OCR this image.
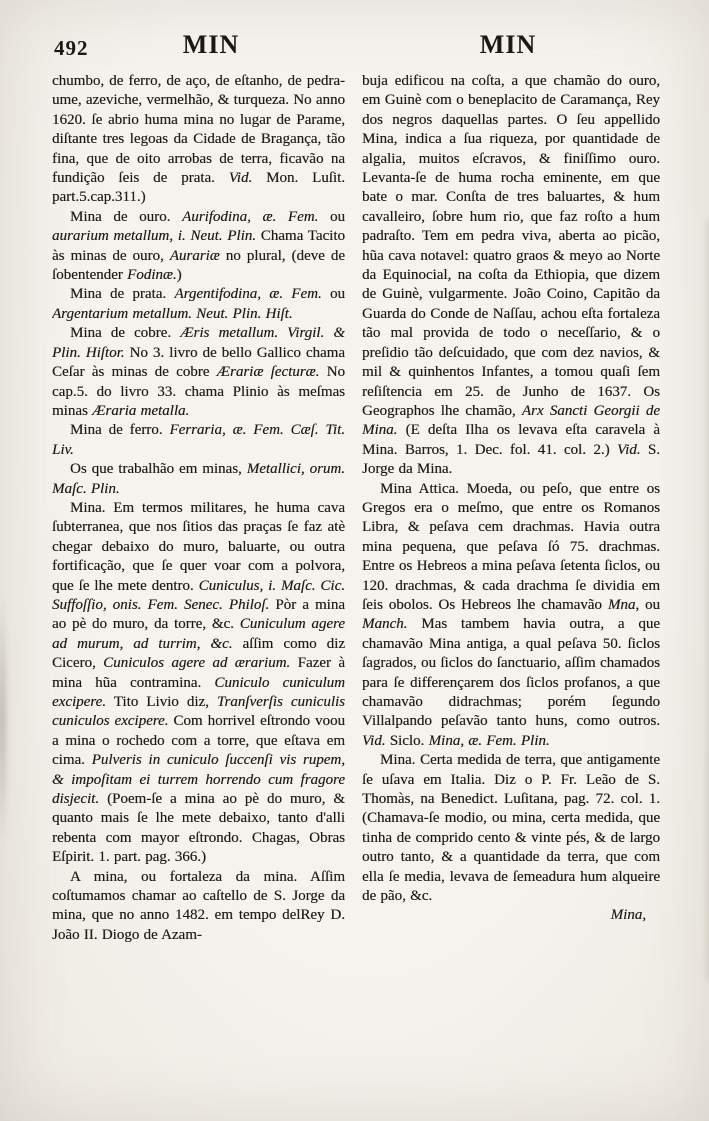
492	MIN	MIN

chumbo, de ferro, de aço, de eſtanho, de pedra-ume, azeviche, vermelhão, & turqueza. No anno 1620. ſe abrio huma mina no lugar de Parame, diſtante tres legoas da Cidade de Bragança, tão fina, que de oito arrobas de terra, ficavão na fundição ſeis de prata. Vid. Mon. Luſit. part.5.cap.311.)

Mina de ouro. Aurifodina, æ. Fem. ou aurarium metallum, i. Neut. Plin. Chama Tacito às minas de ouro, Aurariæ no plural, (deve de ſobentender Fodinæ.)

Mina de prata. Argentifodina, æ. Fem. ou Argentarium metallum. Neut. Plin. Hiſt.

Mina de cobre. Æris metallum. Virgil. & Plin. Hiſtor. No 3. livro de bello Gallico chama Ceſar às minas de cobre Ærariæ ſecturæ. No cap.5. do livro 33. chama Plinio às meſmas minas Æraria metalla.

Mina de ferro. Ferraria, æ. Fem. Cæſ. Tit. Liv.

Os que trabalhão em minas, Metallici, orum. Maſc. Plin.

Mina. Em termos militares, he huma cava ſubterranea, que nos ſitios das praças ſe faz atè chegar debaixo do muro, baluarte, ou outra fortificação, que ſe quer voar com a polvora, que ſe lhe mete dentro. Cuniculus, i. Maſc. Cic. Suffoſſio, onis. Fem. Senec. Philoſ. Pòr a mina ao pè do muro, da torre, &c. Cuniculum agere ad murum, ad turrim, &c. aſſim como diz Cicero, Cuniculos agere ad ærarium. Fazer à mina hũa contramina. Cuniculo cuniculum excipere. Tito Livio diz, Tranſverſis cuniculis cuniculos excipere. Com horrivel eſtrondo voou a mina o rochedo com a torre, que eſtava em cima. Pulveris in cuniculo ſuccenſi vis rupem, & impoſitam ei turrem horrendo cum fragore disjecit. (Poem-ſe a mina ao pè do muro, & quanto mais ſe lhe mete debaixo, tanto d'alli rebenta com mayor eſtrondo. Chagas, Obras Eſpirit. 1. part. pag. 366.)

A mina, ou fortaleza da mina. Aſſim coſtumamos chamar ao caſtello de S. Jorge da mina, que no anno 1482. em tempo delRey D. João II. Diogo de Azam-

buja edificou na coſta, a que chamão do ouro, em Guinè com o beneplacito de Caramança, Rey dos negros daquellas partes. O ſeu appellido Mina, indica a ſua riqueza, por quantidade de algalia, muitos eſcravos, & finiſſimo ouro. Levanta-ſe de huma rocha eminente, em que bate o mar. Conſta de tres baluartes, & hum cavalleiro, ſobre hum rio, que faz roſto a hum padraſto. Tem em pedra viva, aberta ao picão, hũa cava notavel: quatro graos & meyo ao Norte da Equinocial, na coſta da Ethiopia, que dizem de Guinè, vulgarmente. João Coino, Capitão da Guarda do Conde de Naſſau, achou eſta fortaleza tão mal provida de todo o neceſſario, & o preſidio tão deſcuidado, que com dez navios, & mil & quinhentos Infantes, a tomou quaſi ſem reſiſtencia em 25. de Junho de 1637. Os Geographos lhe chamão, Arx Sancti Georgii de Mina. (E deſta Ilha os levava eſta caravela à Mina. Barros, 1. Dec. fol. 41. col. 2.) Vid. S. Jorge da Mina.

Mina Attica. Moeda, ou peſo, que entre os Gregos era o meſmo, que entre os Romanos Libra, & peſava cem drachmas. Havia outra mina pequena, que peſava ſó 75. drachmas. Entre os Hebreos a mina peſava ſetenta ſiclos, ou 120. drachmas, & cada drachma ſe dividia em ſeis obolos. Os Hebreos lhe chamavão Mna, ou Manch. Mas tambem havia outra, a que chamavão Mina antiga, a qual peſava 50. ſiclos ſagrados, ou ſiclos do ſanctuario, aſſim chamados para ſe differençarem dos ſiclos profanos, a que chamavão didrachmas; porém ſegundo Villalpando peſavão tanto huns, como outros. Vid. Siclo. Mina, æ. Fem. Plin.

Mina. Certa medida de terra, que antigamente ſe uſava em Italia. Diz o P. Fr. Leão de S. Thomàs, na Benedict. Luſitana, pag. 72. col. 1. (Chamava-ſe modio, ou mina, certa medida, que tinha de comprido cento & vinte pés, & de largo outro tanto, & a quantidade da terra, que com ella ſe media, levava de ſemeadura hum alqueire de pão, &c.

Mina,
